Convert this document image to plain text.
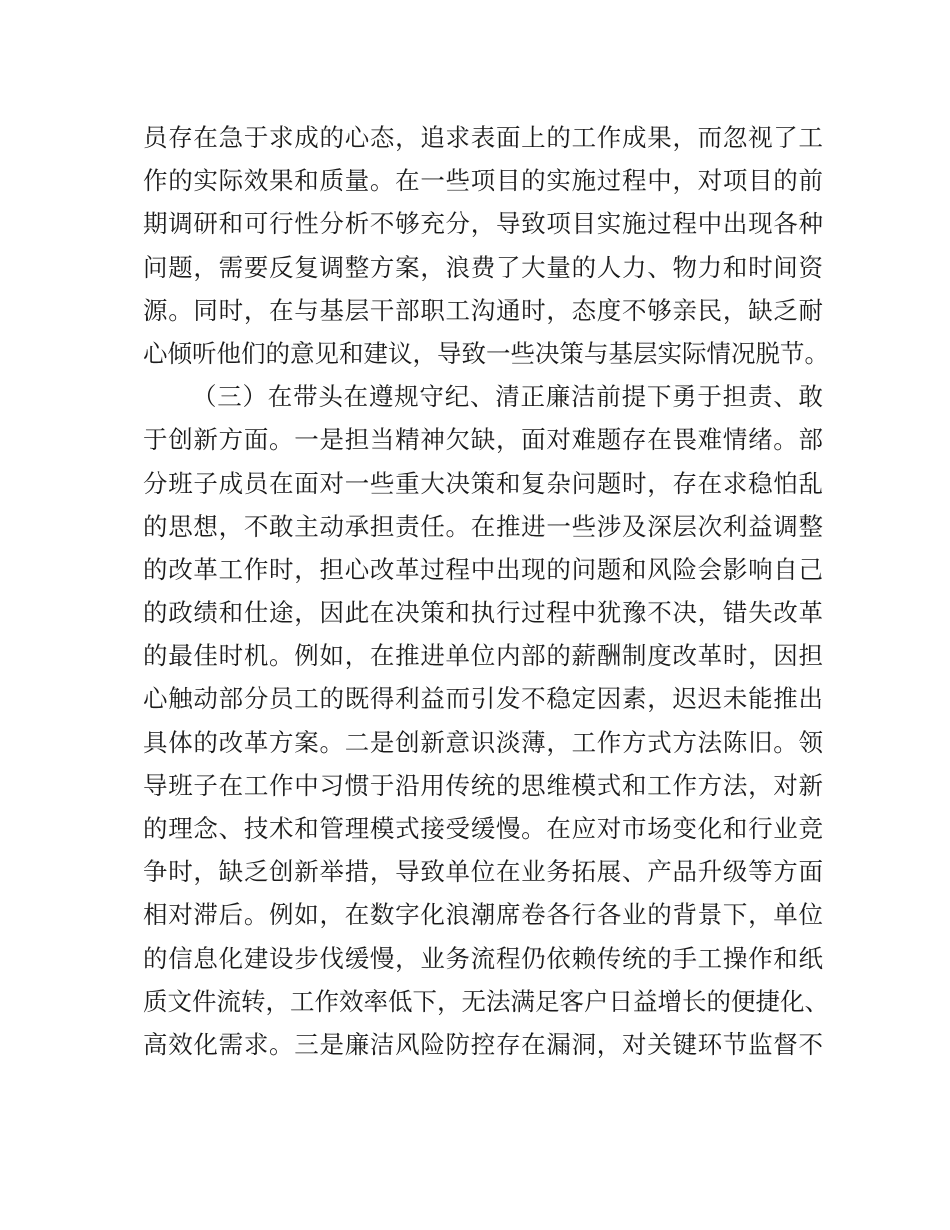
员存在急于求成的心态，追求表面上的工作成果，而忽视了工
作的实际效果和质量。在一些项目的实施过程中，对项目的前
期调研和可行性分析不够充分，导致项目实施过程中出现各种
问题，需要反复调整方案，浪费了大量的人力、物力和时间资
源。同时，在与基层干部职工沟通时，态度不够亲民，缺乏耐
心倾听他们的意见和建议，导致一些决策与基层实际情况脱节。
（三）在带头在遵规守纪、清正廉洁前提下勇于担责、敢
于创新方面。一是担当精神欠缺，面对难题存在畏难情绪。部
分班子成员在面对一些重大决策和复杂问题时，存在求稳怕乱
的思想，不敢主动承担责任。在推进一些涉及深层次利益调整
的改革工作时，担心改革过程中出现的问题和风险会影响自己
的政绩和仕途，因此在决策和执行过程中犹豫不决，错失改革
的最佳时机。例如，在推进单位内部的薪酬制度改革时，因担
心触动部分员工的既得利益而引发不稳定因素，迟迟未能推出
具体的改革方案。二是创新意识淡薄，工作方式方法陈旧。领
导班子在工作中习惯于沿用传统的思维模式和工作方法，对新
的理念、技术和管理模式接受缓慢。在应对市场变化和行业竞
争时，缺乏创新举措，导致单位在业务拓展、产品升级等方面
相对滞后。例如，在数字化浪潮席卷各行各业的背景下，单位
的信息化建设步伐缓慢，业务流程仍依赖传统的手工操作和纸
质文件流转，工作效率低下，无法满足客户日益增长的便捷化、
高效化需求。三是廉洁风险防控存在漏洞，对关键环节监督不
